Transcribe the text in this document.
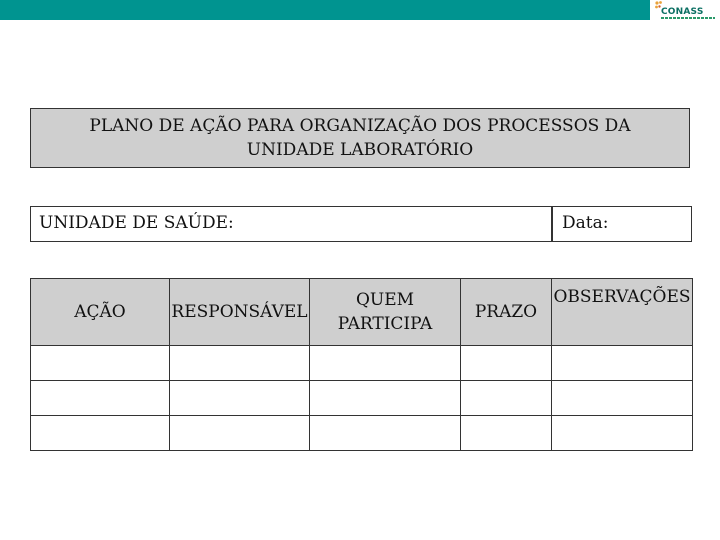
CONASS
PLANO DE AÇÃO PARA ORGANIZAÇÃO DOS PROCESSOS DA UNIDADE LABORATÓRIO
UNIDADE DE SAÚDE:	Data:
AÇÃO	RESPONSÁVEL	QUEM PARTICIPA	PRAZO	OBSERVAÇÕES
